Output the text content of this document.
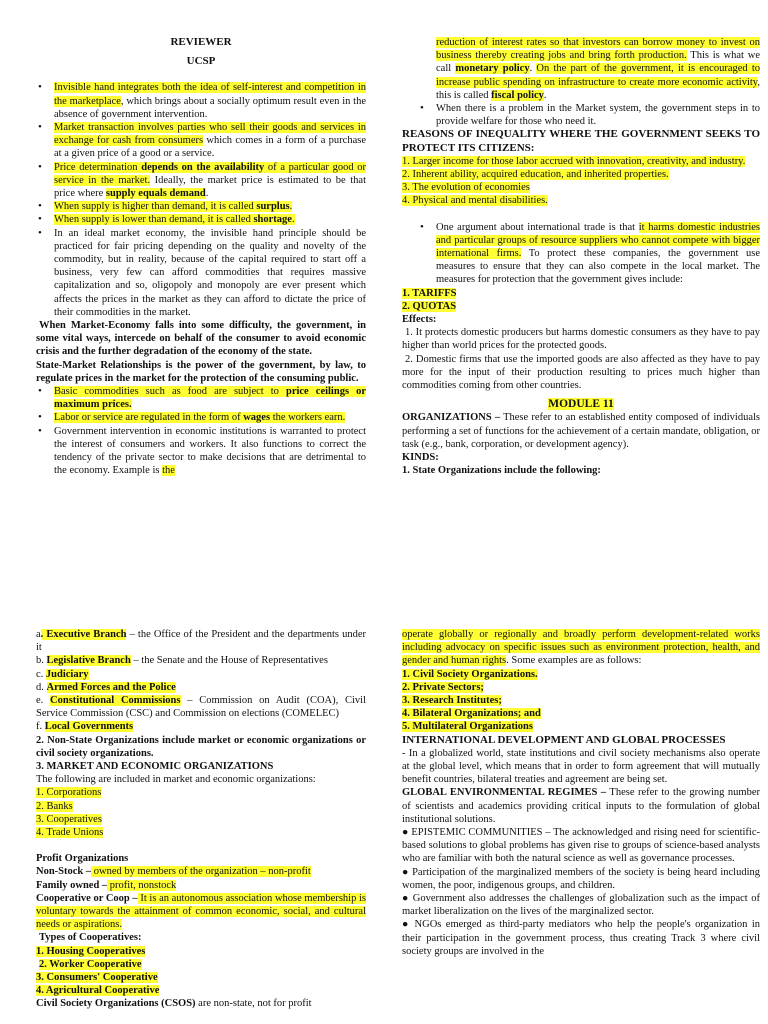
REVIEWER
UCSP
• Invisible hand integrates both the idea of self-interest and competition in the marketplace, which brings about a socially optimum result even in the absence of government intervention.
• Market transaction involves parties who sell their goods and services in exchange for cash from consumers which comes in a form of a purchase at a given price of a good or a service.
• Price determination depends on the availability of a particular good or service in the market. Ideally, the market price is estimated to be that price where supply equals demand.
• When supply is higher than demand, it is called surplus.
• When supply is lower than demand, it is called shortage.
• In an ideal market economy, the invisible hand principle should be practiced for fair pricing depending on the quality and novelty of the commodity, but in reality, because of the capital required to start off a business, very few can afford commodities that requires massive capitalization and so, oligopoly and monopoly are ever present which affects the prices in the market as they can afford to dictate the price of their commodities in the market.

When Market-Economy falls into some difficulty, the government, in some vital ways, intercede on behalf of the consumer to avoid economic crisis and the further degradation of the economy of the state.

State-Market Relationships is the power of the government, by law, to regulate prices in the market for the protection of the consuming public.

• Basic commodities such as food are subject to price ceilings or maximum prices.
• Labor or service are regulated in the form of wages the workers earn.
• Government intervention in economic institutions is warranted to protect the interest of consumers and workers. It also functions to correct the tendency of the private sector to make decisions that are detrimental to the economy. Example is the
reduction of interest rates so that investors can borrow money to invest on business thereby creating jobs and bring forth production. This is what we call monetary policy. On the part of the government, it is encouraged to increase public spending on infrastructure to create more economic activity, this is called fiscal policy.
• When there is a problem in the Market system, the government steps in to provide welfare for those who need it.

REASONS OF INEQUALITY WHERE THE GOVERNMENT SEEKS TO PROTECT ITS CITIZENS:

1. Larger income for those labor accrued with innovation, creativity, and industry.

2. Inherent ability, acquired education, and inherited properties.

3. The evolution of economies

4. Physical and mental disabilities.

• One argument about international trade is that it harms domestic industries and particular groups of resource suppliers who cannot compete with bigger international firms. To protect these companies, the government use measures to ensure that they can also compete in the local market. The measures for protection that the government gives include:

1. TARIFFS

2. QUOTAS

Effects:

1. It protects domestic producers but harms domestic consumers as they have to pay higher than world prices for the protected goods.

2. Domestic firms that use the imported goods are also affected as they have to pay more for the input of their production resulting to prices much higher than commodities coming from other countries.

MODULE 11

ORGANIZATIONS – These refer to an established entity composed of individuals performing a set of functions for the achievement of a certain mandate, obligation, or task (e.g., bank, corporation, or development agency).

KINDS:

1. State Organizations include the following:

a. Executive Branch – the Office of the President and the departments under it

b. Legislative Branch – the Senate and the House of Representatives

c. Judiciary

d. Armed Forces and the Police

e. Constitutional Commissions – Commission on Audit (COA), Civil Service Commission (CSC) and Commission on elections (COMELEC)

f. Local Governments

2. Non-State Organizations include market or economic organizations or civil society organizations.

3. MARKET AND ECONOMIC ORGANIZATIONS

The following are included in market and economic organizations:

1. Corporations

2. Banks

3. Cooperatives

4. Trade Unions

Profit Organizations

Non-Stock – owned by members of the organization – non-profit

Family owned – profit, nonstock

Cooperative or Coop – It is an autonomous association whose membership is voluntary towards the attainment of common economic, social, and cultural needs or aspirations.

Types of Cooperatives:

1. Housing Cooperatives

2. Worker Cooperative

3. Consumers' Cooperative

4. Agricultural Cooperative

Civil Society Organizations (CSOS) are non-state, not for profit

operate globally or regionally and broadly perform development-related works including advocacy on specific issues such as environment protection, health, and gender and human rights. Some examples are as follows:

1. Civil Society Organizations.

2. Private Sectors;

3. Research Institutes;

4. Bilateral Organizations; and

5. Multilateral Organizations

INTERNATIONAL DEVELOPMENT AND GLOBAL PROCESSES

- In a globalized world, state institutions and civil society mechanisms also operate at the global level, which means that in order to form agreement that will mutually benefit countries, bilateral treaties and agreement are being set.

GLOBAL ENVIRONMENTAL REGIMES – These refer to the growing number of scientists and academics providing critical inputs to the formulation of global institutional solutions.

● EPISTEMIC COMMUNITIES – The acknowledged and rising need for scientific-based solutions to global problems has given rise to groups of science-based analysts who are familiar with both the natural science as well as governance processes.

● Participation of the marginalized members of the society is being heard including women, the poor, indigenous groups, and children.

● Government also addresses the challenges of globalization such as the impact of market liberalization on the lives of the marginalized sector.

● NGOs emerged as third-party mediators who help the people's organization in their participation in the government process, thus creating Track 3 where civil society groups are involved in the
